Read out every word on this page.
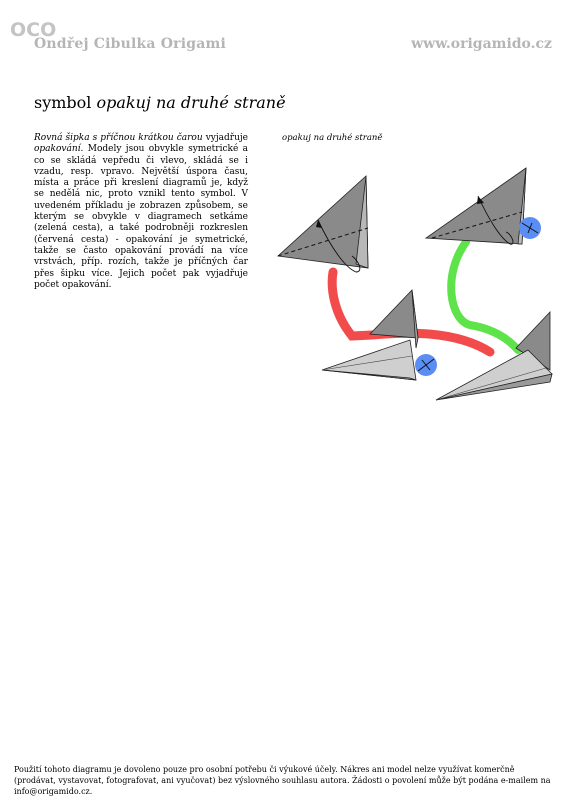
OCO
Ondřej Cibulka Origami	www.origamido.cz
symbol opakuj na druhé straně
Rovná šipka s příčnou krátkou čarou vyjadřuje opakování. Modely jsou obvykle symetrické a co se skládá vepředu či vlevo, skládá se i vzadu, resp. vpravo. Největší úspora času, místa a práce při kreslení diagramů je, když se nedělá nic, proto vznikl tento symbol. V uvedeném příkladu je zobrazen způsobem, se kterým se obvykle v diagramech setkáme (zelená cesta), a také podrobněji rozkreslen (červená cesta) - opakování je symetrické, takže se často opakování provádí na více vrstvách, příp. rozích, takže je příčných čar přes šipku více. Jejich počet pak vyjadřuje počet opakování.
opakuj na druhé straně
Použití tohoto diagramu je dovoleno pouze pro osobní potřebu či výukové účely. Nákres ani model nelze využívat komerčně (prodávat, vystavovat, fotografovat, ani vyučovat) bez výslovného souhlasu autora. Žádosti o povolení může být podána e-mailem na info@origamido.cz.
